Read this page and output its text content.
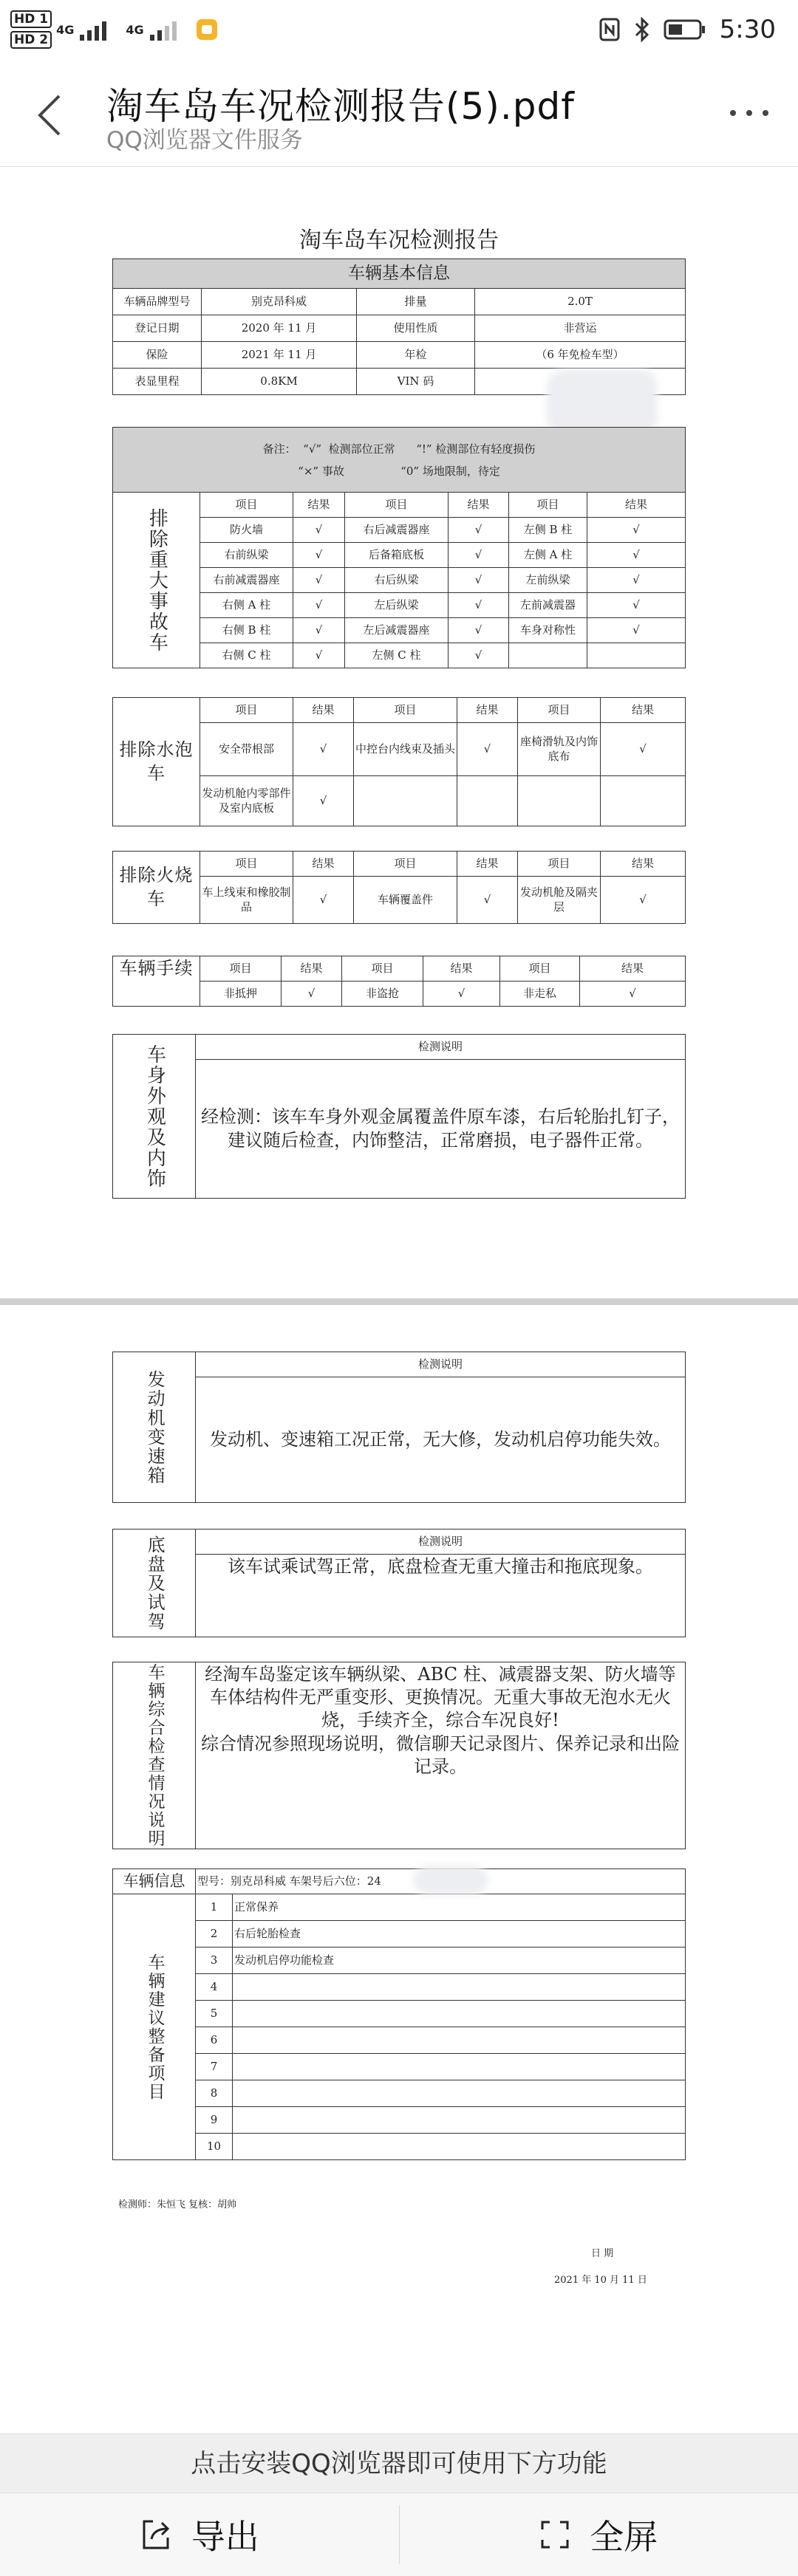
HD 1
HD 2
4G	4G	5:30
淘车岛车况检测报告(5).pdf
QQ浏览器文件服务
淘车岛车况检测报告
车辆基本信息			
车辆品牌型号	别克昂科威	排量	2.0T
登记日期	2020 年 11 月	使用性质	非营运
保险	2021 年 11 月	年检	（6 年免检车型）
表显里程	0.8KM	VIN 码	
备注： “√” 检测部位正常 “!” 检测部位有轻度损伤
“×” 事故	“0” 场地限制，待定
排除重大事故车	项目	结果	项目	结果	项目	结果
	防火墙	√	右后减震器座	√	左侧 B 柱	√
	右前纵梁	√	后备箱底板	√	左侧 A 柱	√
	右前减震器座	√	右后纵梁	√	左前纵梁	√
	右侧 A 柱	√	左后纵梁	√	左前减震器	√
	右侧 B 柱	√	左后减震器座	√	车身对称性	√
	右侧 C 柱	√	左侧 C 柱	√		
排除水泡车	项目	结果	项目	结果	项目	结果
	安全带根部	√	中控台内线束及插头	√	座椅滑轨及内饰底布	√
	发动机舱内零部件及室内底板	√				
排除火烧车	项目	结果	项目	结果	项目	结果
	车上线束和橡胶制品	√	车辆覆盖件	√	发动机舱及隔夹层	√
车辆手续	项目	结果	项目	结果	项目	结果
	非抵押	√	非盗抢	√	非走私	√
车身外观及内饰	检测说明
经检测：该车车身外观金属覆盖件原车漆，右后轮胎扎钉子，建议随后检查，内饰整洁，正常磨损，电子器件正常。
发动机变速箱	检测说明
发动机、变速箱工况正常，无大修，发动机启停功能失效。
底盘及试驾	检测说明
该车试乘试驾正常，底盘检查无重大撞击和拖底现象。
车辆综合检查情况说明	经淘车岛鉴定该车辆纵梁、ABC 柱、减震器支架、防火墙等车体结构件无严重变形、更换情况。无重大事故无泡水无火烧，手续齐全，综合车况良好!
综合情况参照现场说明，微信聊天记录图片、保养记录和出险记录。
车辆信息	型号：别克昂科威 车架号后六位：24	
车辆建议整备项目	1	正常保养
	2	右后轮胎检查
	3	发动机启停功能检查
	4	
	5	
	6	
	7	
	8	
	9	
	10	
检测师：朱恒飞 复核：胡帅
日 期
2021 年 10 月 11 日
点击安装QQ浏览器即可使用下方功能
导出	全屏
